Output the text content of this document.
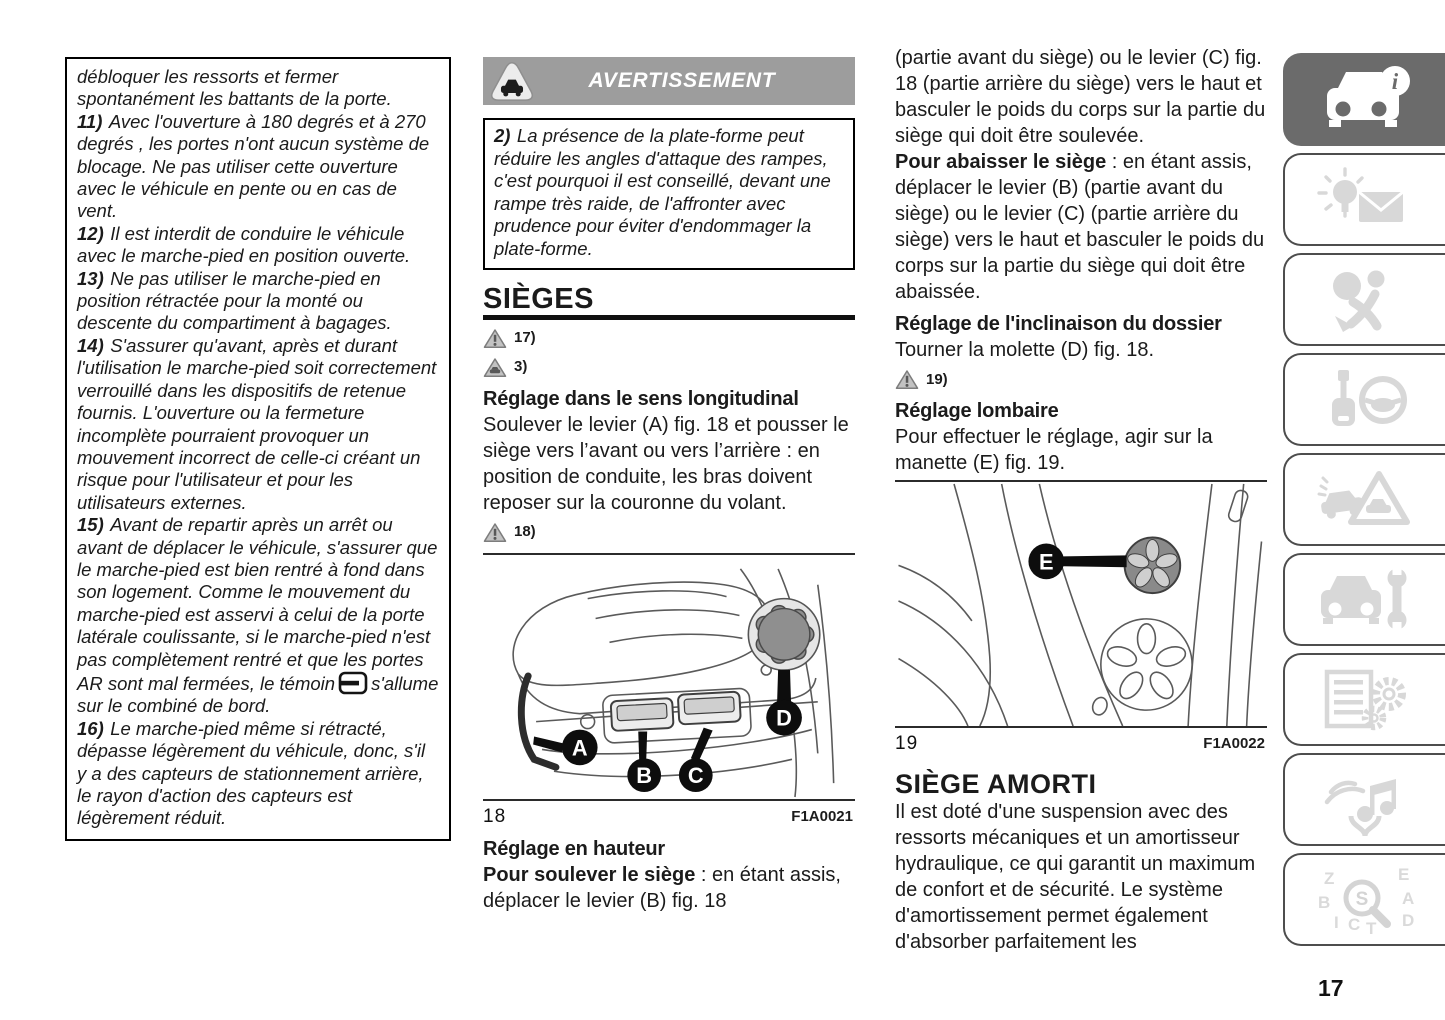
débloquer les ressorts et fermer spontanément les battants de la porte.

11) Avec l'ouverture à 180 degrés et à 270 degrés , les portes n'ont aucun système de blocage. Ne pas utiliser cette ouverture avec le véhicule en pente ou en cas de vent.

12) Il est interdit de conduire le véhicule avec le marche-pied en position ouverte.

13) Ne pas utiliser le marche-pied en position rétractée pour la monté ou descente du compartiment à bagages.

14) S'assurer qu'avant, après et durant l'utilisation le marche-pied soit correctement verrouillé dans les dispositifs de retenue fournis. L'ouverture ou la fermeture incomplète pourraient provoquer un mouvement incorrect de celle-ci créant un risque pour l'utilisateur et pour les utilisateurs externes.

15) Avant de repartir après un arrêt ou avant de déplacer le véhicule, s'assurer que le marche-pied est bien rentré à fond dans son logement. Comme le mouvement du marche-pied est asservi à celui de la porte latérale coulissante, si le marche-pied n'est pas complètement rentré et que les portes AR sont mal fermées, le témoin s'allume sur le combiné de bord.

16) Le marche-pied même si rétracté, dépasse légèrement du véhicule, donc, s'il y a des capteurs de stationnement arrière, le rayon d'action des capteurs est légèrement réduit.

AVERTISSEMENT
2) La présence de la plate-forme peut réduire les angles d'attaque des rampes, c'est pourquoi il est conseillé, devant une rampe très raide, de l'affronter avec prudence pour éviter d'endommager la plate-forme.
SIÈGES
17)
3)
Réglage dans le sens longitudinal

Soulever le levier (A) fig. 18 et pousser le siège vers l’avant ou vers l’arrière : en position de conduite, les bras doivent reposer sur la couronne du volant.

18)
A
B C
D
18	F1A0021
Réglage en hauteur

Pour soulever le siège : en étant assis, déplacer le levier (B) fig. 18

(partie avant du siège) ou le levier (C) fig. 18 (partie arrière du siège) vers le haut et basculer le poids du corps sur la partie du siège qui doit être soulevée.

Pour abaisser le siège : en étant assis, déplacer le levier (B) (partie avant du siège) ou le levier (C) (partie arrière du siège) vers le haut et basculer le poids du corps sur la partie du siège qui doit être abaissée.

Réglage de l'inclinaison du dossier

Tourner la molette (D) fig. 18.

19)
Réglage lombaire

Pour effectuer le réglage, agir sur la manette (E) fig. 19.

E
19	F1A0022
SIÈGE AMORTI

Il est doté d'une suspension avec des ressorts mécaniques et un amortisseur hydraulique, ce qui garantit un maximum de confort et de sécurité. Le système d'amortissement permet également d'absorber parfaitement les

i
Z	E
B	A
I C T D
S
17
